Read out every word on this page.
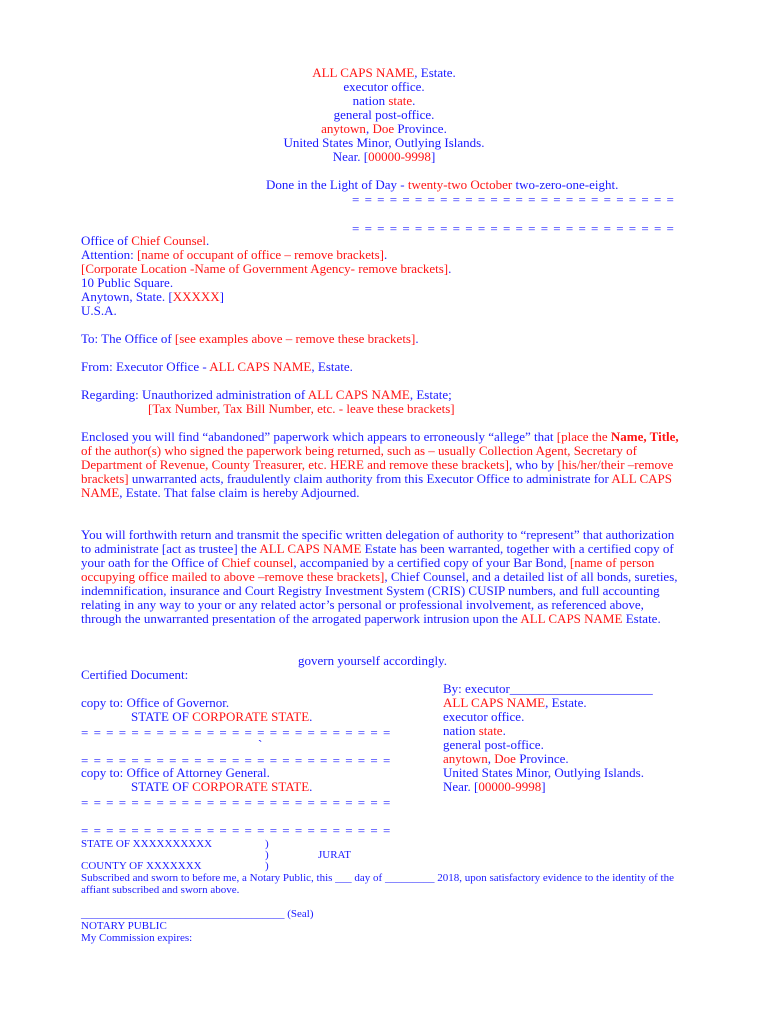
ALL CAPS NAME, Estate.
executor office.
nation state.
general post-office.
anytown, Doe Province.
United States Minor, Outlying Islands.
Near. [00000-9998]
Done in the Light of Day - twenty-two October two-zero-one-eight.
= = = = = = = = = = = = = = = = = = = = = = = = = =
= = = = = = = = = = = = = = = = = = = = = = = = = =
Office of Chief Counsel.
Attention: [name of occupant of office – remove brackets].
[Corporate Location -Name of Government Agency- remove brackets].
10 Public Square.
Anytown, State. [XXXXX]
U.S.A.
To: The Office of [see examples above – remove these brackets].
From: Executor Office - ALL CAPS NAME, Estate.
Regarding: Unauthorized administration of ALL CAPS NAME, Estate;
[Tax Number, Tax Bill Number, etc. - leave these brackets]
Enclosed you will find “abandoned” paperwork which appears to erroneously “allege” that [place the Name, Title, of the author(s) who signed the paperwork being returned, such as – usually Collection Agent, Secretary of Department of Revenue, County Treasurer, etc. HERE and remove these brackets], who by [his/her/their –remove brackets] unwarranted acts, fraudulently claim authority from this Executor Office to administrate for ALL CAPS NAME, Estate. That false claim is hereby Adjourned.
You will forthwith return and transmit the specific written delegation of authority to “represent” that authorization to administrate [act as trustee] the ALL CAPS NAME Estate has been warranted, together with a certified copy of your oath for the Office of Chief counsel, accompanied by a certified copy of your Bar Bond, [name of person occupying office mailed to above –remove these brackets], Chief Counsel, and a detailed list of all bonds, sureties, indemnification, insurance and Court Registry Investment System (CRIS) CUSIP numbers, and full accounting relating in any way to your or any related actor’s personal or professional involvement, as referenced above, through the unwarranted presentation of the arrogated paperwork intrusion upon the ALL CAPS NAME Estate.
govern yourself accordingly.
Certified Document:
copy to: Office of Governor.
STATE OF CORPORATE STATE.
= = = = = = = = = = = = = = = = = = = = = = = = =
`
= = = = = = = = = = = = = = = = = = = = = = = = =
copy to: Office of Attorney General.
STATE OF CORPORATE STATE.
= = = = = = = = = = = = = = = = = = = = = = = = =
= = = = = = = = = = = = = = = = = = = = = = = = =
By: executor______________________
ALL CAPS NAME, Estate.
executor office.
nation state.
general post-office.
anytown, Doe Province.
United States Minor, Outlying Islands.
Near. [00000-9998]
STATE OF XXXXXXXXXX	)
)	JURAT
COUNTY OF XXXXXXX	)
Subscribed and sworn to before me, a Notary Public, this ___ day of _________ 2018, upon satisfactory evidence to the identity of the affiant subscribed and sworn above.
_____________________________________ (Seal)
NOTARY PUBLIC
My Commission expires:
